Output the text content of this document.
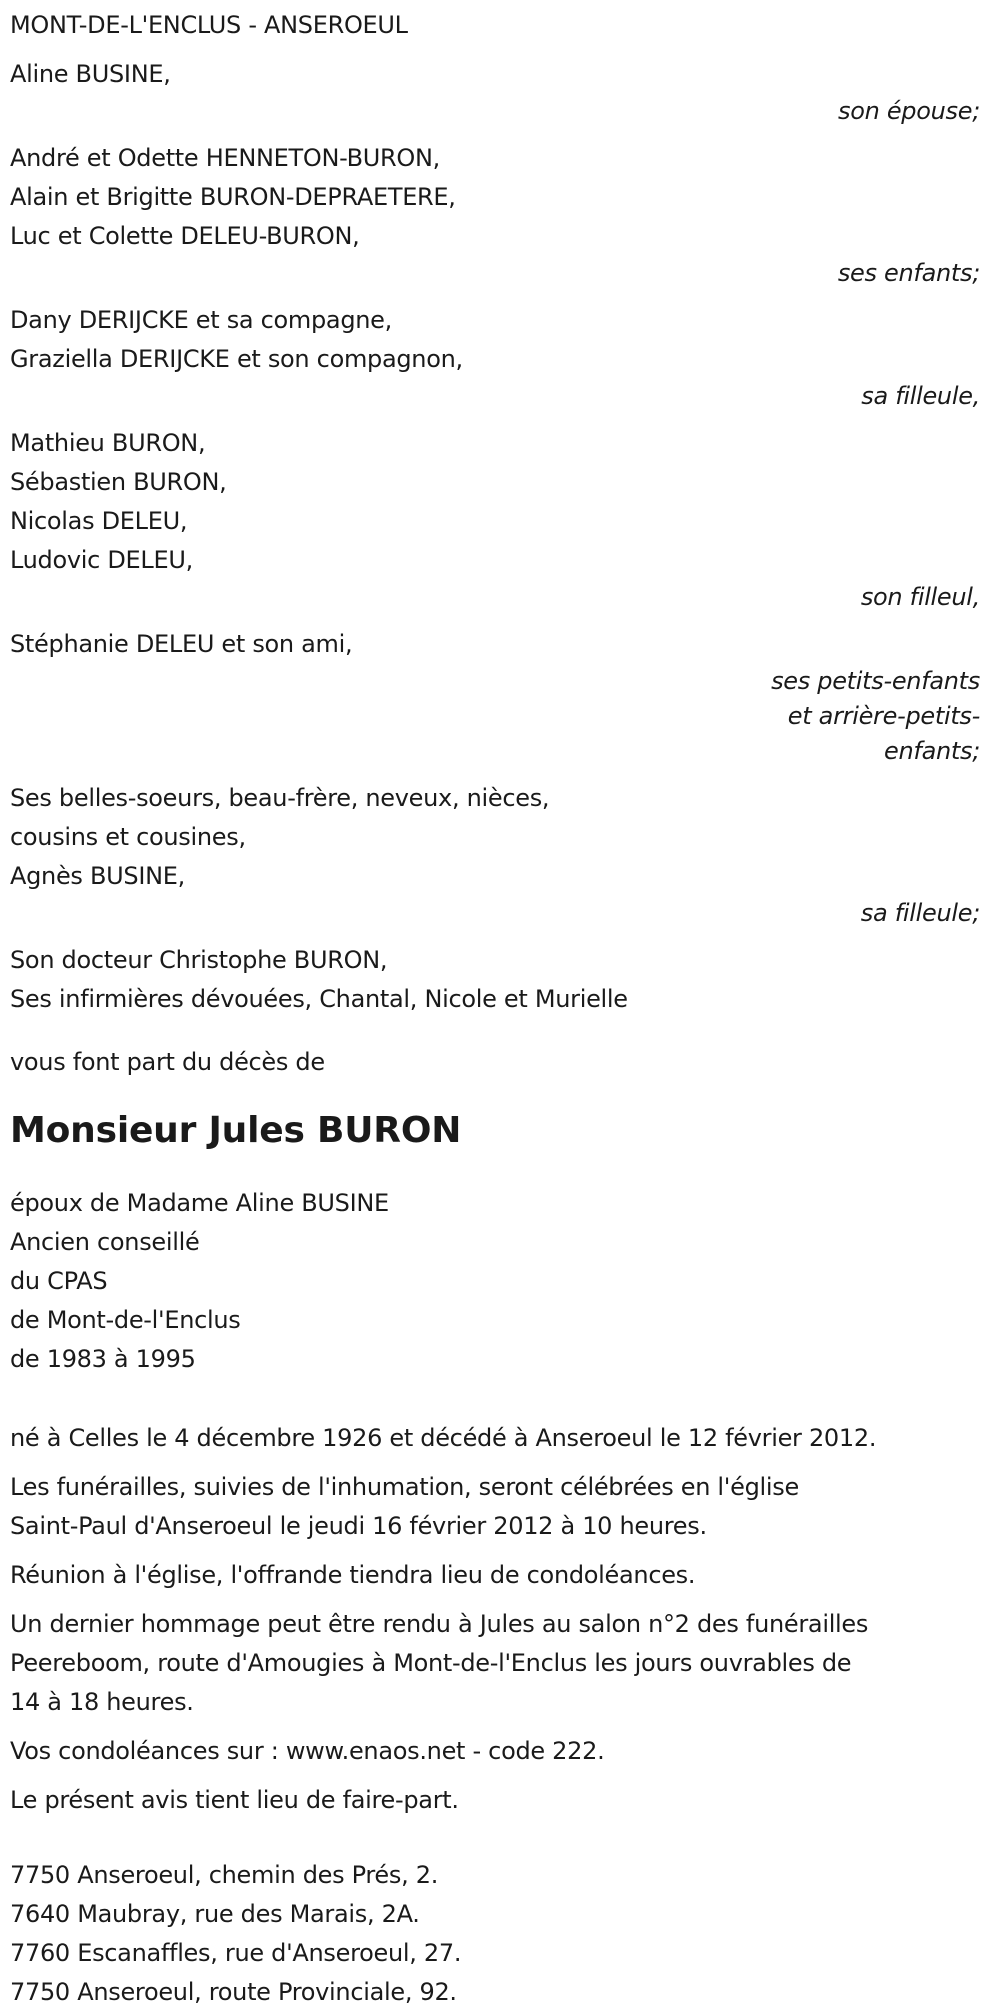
MONT-DE-L'ENCLUS - ANSEROEUL
Aline BUSINE,
son épouse;
André et Odette HENNETON-BURON,
Alain et Brigitte BURON-DEPRAETERE,
Luc et Colette DELEU-BURON,
ses enfants;
Dany DERIJCKE et sa compagne,
Graziella DERIJCKE et son compagnon,
sa filleule,
Mathieu BURON,
Sébastien BURON,
Nicolas DELEU,
Ludovic DELEU,
son filleul,
Stéphanie DELEU et son ami,
ses petits-enfants
et arrière-petits-
enfants;
Ses belles-soeurs, beau-frère, neveux, nièces,
cousins et cousines,
Agnès BUSINE,
sa filleule;
Son docteur Christophe BURON,
Ses infirmières dévouées, Chantal, Nicole et Murielle
vous font part du décès de
Monsieur Jules BURON
époux de Madame Aline BUSINE
Ancien conseillé
du CPAS
de Mont-de-l'Enclus
de 1983 à 1995
né à Celles le 4 décembre 1926 et décédé à Anseroeul le 12 février 2012.
Les funérailles, suivies de l'inhumation, seront célébrées en l'église
Saint-Paul d'Anseroeul le jeudi 16 février 2012 à 10 heures.
Réunion à l'église, l'offrande tiendra lieu de condoléances.
Un dernier hommage peut être rendu à Jules au salon n°2 des funérailles
Peereboom, route d'Amougies à Mont-de-l'Enclus les jours ouvrables de
14 à 18 heures.
Vos condoléances sur : www.enaos.net - code 222.
Le présent avis tient lieu de faire-part.
7750 Anseroeul, chemin des Prés, 2.
7640 Maubray, rue des Marais, 2A.
7760 Escanaffles, rue d'Anseroeul, 27.
7750 Anseroeul, route Provinciale, 92.
